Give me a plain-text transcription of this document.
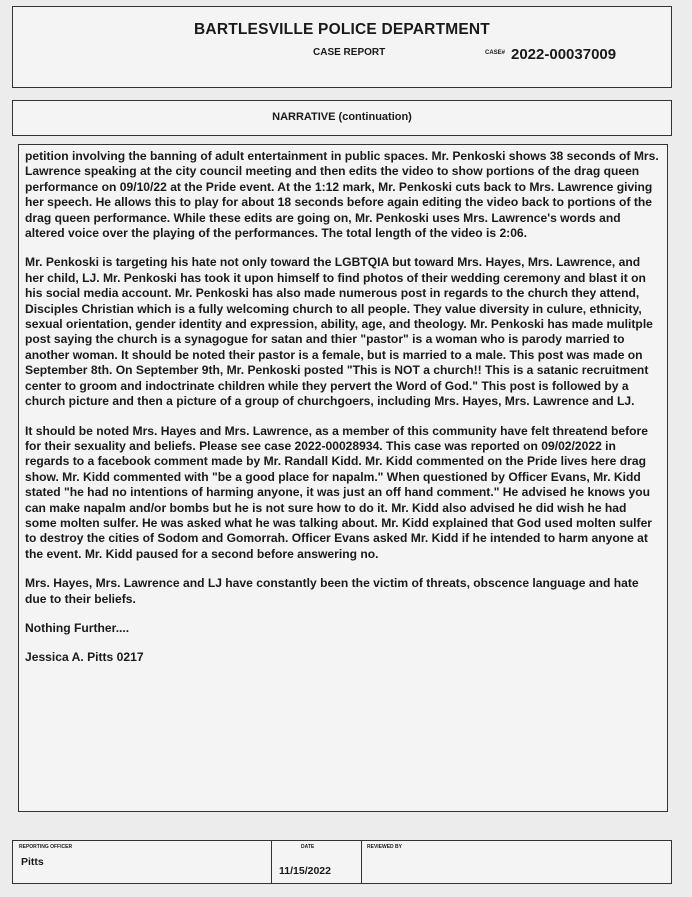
BARTLESVILLE POLICE DEPARTMENT
CASE REPORT	CASE# 2022-00037009
NARRATIVE (continuation)

petition involving the banning of adult entertainment in public spaces. Mr. Penkoski shows 38 seconds of Mrs. Lawrence speaking at the city council meeting and then edits the video to show portions of the drag queen performance on 09/10/22 at the Pride event. At the 1:12 mark, Mr. Penkoski cuts back to Mrs. Lawrence giving her speech. He allows this to play for about 18 seconds before again editing the video back to portions of the drag queen performance. While these edits are going on, Mr. Penkoski uses Mrs. Lawrence's words and altered voice over the playing of the performances. The total length of the video is 2:06.

Mr. Penkoski is targeting his hate not only toward the LGBTQIA but toward Mrs. Hayes, Mrs. Lawrence, and her child, LJ. Mr. Penkoski has took it upon himself to find photos of their wedding ceremony and blast it on his social media account. Mr. Penkoski has also made numerous post in regards to the church they attend, Disciples Christian which is a fully welcoming church to all people. They value diversity in culure, ethnicity, sexual orientation, gender identity and expression, ability, age, and theology. Mr. Penkoski has made mulitple post saying the church is a synagogue for satan and thier "pastor" is a woman who is parody married to another woman. It should be noted their pastor is a female, but is married to a male. This post was made on September 8th. On September 9th, Mr. Penkoski posted "This is NOT a church!! This is a satanic recruitment center to groom and indoctrinate children while they pervert the Word of God." This post is followed by a church picture and then a picture of a group of churchgoers, including Mrs. Hayes, Mrs. Lawrence and LJ.

It should be noted Mrs. Hayes and Mrs. Lawrence, as a member of this community have felt threatend before for their sexuality and beliefs. Please see case 2022-00028934. This case was reported on 09/02/2022 in regards to a facebook comment made by Mr. Randall Kidd. Mr. Kidd commented on the Pride lives here drag show. Mr. Kidd commented with "be a good place for napalm." When questioned by Officer Evans, Mr. Kidd stated "he had no intentions of harming anyone, it was just an off hand comment." He advised he knows you can make napalm and/or bombs but he is not sure how to do it. Mr. Kidd also advised he did wish he had some molten sulfer. He was asked what he was talking about. Mr. Kidd explained that God used molten sulfer to destroy the cities of Sodom and Gomorrah. Officer Evans asked Mr. Kidd if he intended to harm anyone at the event. Mr. Kidd paused for a second before answering no.

Mrs. Hayes, Mrs. Lawrence and LJ have constantly been the victim of threats, obscence language and hate due to their beliefs.

Nothing Further....

Jessica A. Pitts 0217

REPORTING OFFICER
Pitts
DATE
11/15/2022
REVIEWED BY
